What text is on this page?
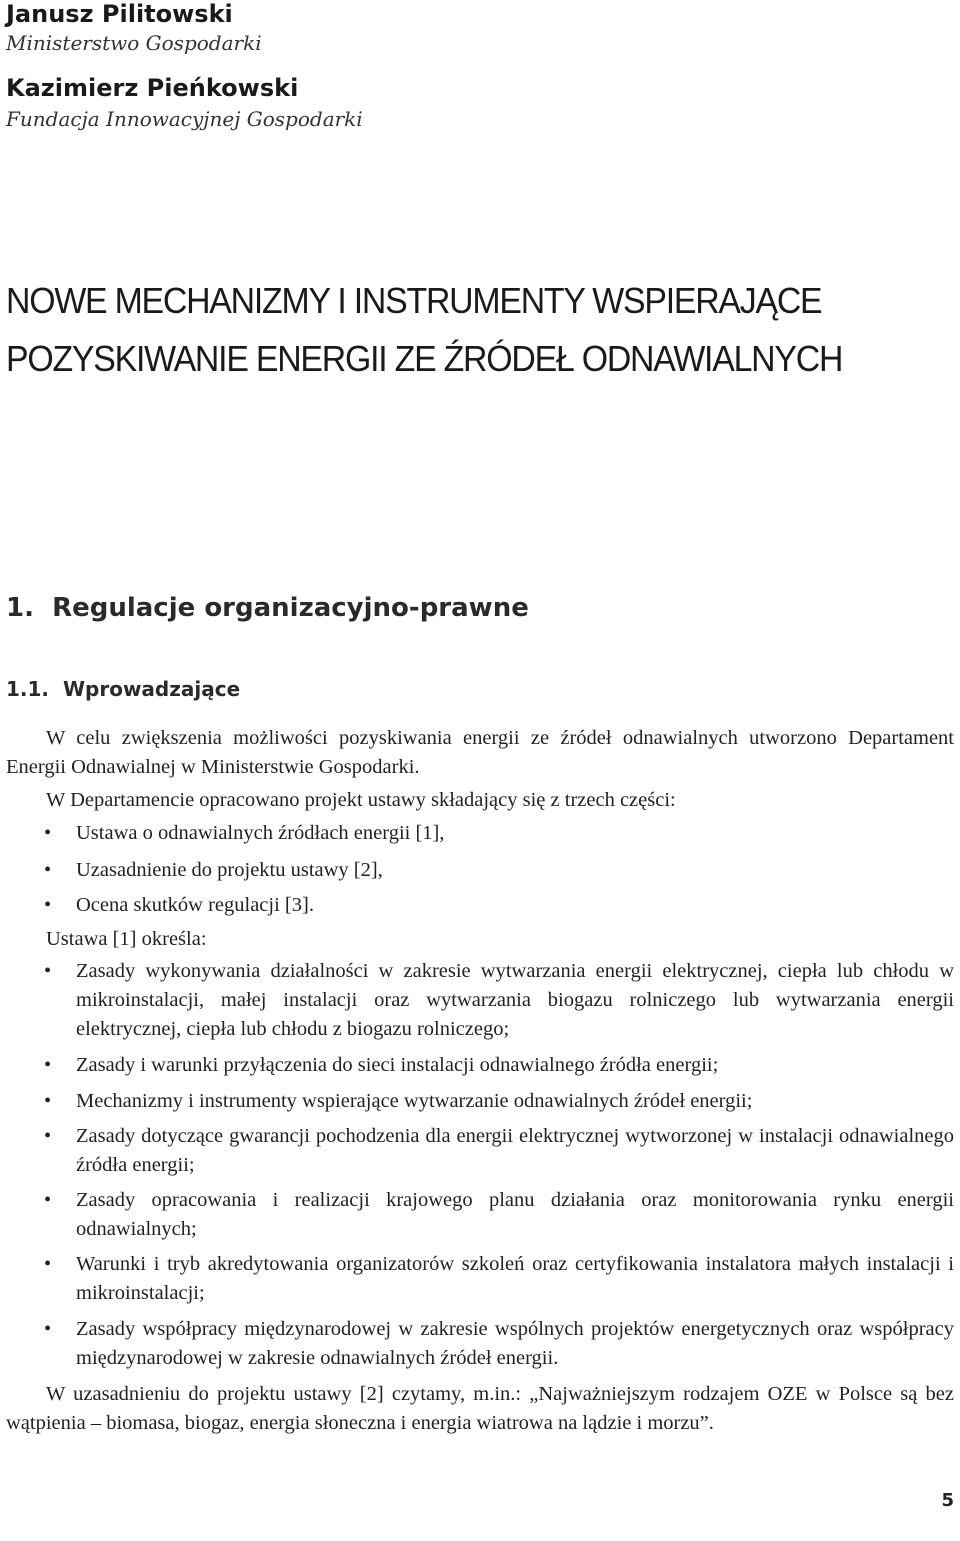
Janusz Pilitowski
Ministerstwo Gospodarki
Kazimierz Pieńkowski
Fundacja Innowacyjnej Gospodarki
NOWE MECHANIZMY I INSTRUMENTY WSPIERAJĄCE
POZYSKIWANIE ENERGII ZE ŹRÓDEŁ ODNAWIALNYCH
1. Regulacje organizacyjno-prawne
1.1. Wprowadzające

W celu zwiększenia możliwości pozyskiwania energii ze źródeł odnawialnych utworzono Departament Energii Odnawialnej w Ministerstwie Gospodarki.

W Departamencie opracowano projekt ustawy składający się z trzech części:

• Ustawa o odnawialnych źródłach energii [1],

• Uzasadnienie do projektu ustawy [2],

• Ocena skutków regulacji [3].

Ustawa [1] określa:

• Zasady wykonywania działalności w zakresie wytwarzania energii elektrycznej, ciepła lub chłodu w mikroinstalacji, małej instalacji oraz wytwarzania biogazu rolniczego lub wytwarzania energii elektrycznej, ciepła lub chłodu z biogazu rolniczego;

• Zasady i warunki przyłączenia do sieci instalacji odnawialnego źródła energii;

• Mechanizmy i instrumenty wspierające wytwarzanie odnawialnych źródeł energii;

• Zasady dotyczące gwarancji pochodzenia dla energii elektrycznej wytworzonej w instalacji odnawialnego źródła energii;

• Zasady opracowania i realizacji krajowego planu działania oraz monitorowania rynku energii odnawialnych;

• Warunki i tryb akredytowania organizatorów szkoleń oraz certyfikowania instalatora małych instalacji i mikroinstalacji;

• Zasady współpracy międzynarodowej w zakresie wspólnych projektów energetycznych oraz współpracy międzynarodowej w zakresie odnawialnych źródeł energii.

W uzasadnieniu do projektu ustawy [2] czytamy, m.in.: „Najważniejszym rodzajem OZE w Polsce są bez wątpienia – biomasa, biogaz, energia słoneczna i energia wiatrowa na lądzie i morzu”.

5
